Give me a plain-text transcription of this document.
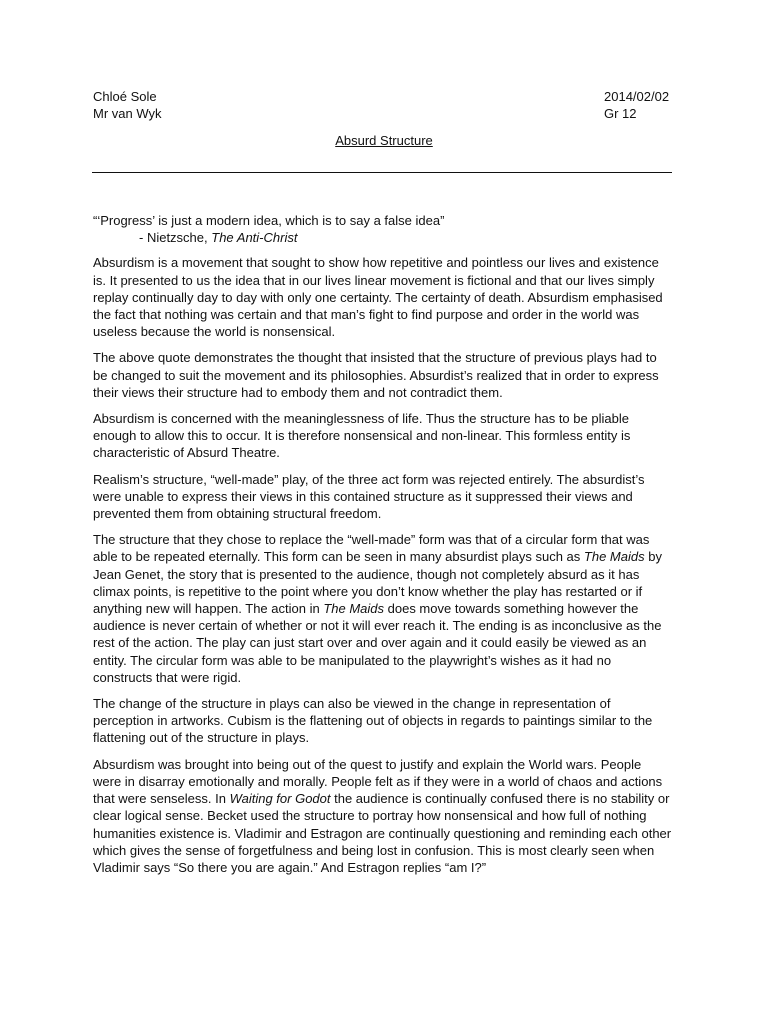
Chloé Sole
Mr van Wyk
2014/02/02
Gr 12
Absurd Structure
“‘Progress’ is just a modern idea, which is to say a false idea”
- Nietzsche, The Anti-Christ

Absurdism is a movement that sought to show how repetitive and pointless our lives and existence is. It presented to us the idea that in our lives linear movement is fictional and that our lives simply replay continually day to day with only one certainty. The certainty of death. Absurdism emphasised the fact that nothing was certain and that man’s fight to find purpose and order in the world was useless because the world is nonsensical.

The above quote demonstrates the thought that insisted that the structure of previous plays had to be changed to suit the movement and its philosophies. Absurdist’s realized that in order to express their views their structure had to embody them and not contradict them.

Absurdism is concerned with the meaninglessness of life. Thus the structure has to be pliable enough to allow this to occur. It is therefore nonsensical and non-linear. This formless entity is characteristic of Absurd Theatre.

Realism’s structure, “well-made” play, of the three act form was rejected entirely. The absurdist’s were unable to express their views in this contained structure as it suppressed their views and prevented them from obtaining structural freedom.

The structure that they chose to replace the “well-made” form was that of a circular form that was able to be repeated eternally. This form can be seen in many absurdist plays such as The Maids by Jean Genet, the story that is presented to the audience, though not completely absurd as it has climax points, is repetitive to the point where you don’t know whether the play has restarted or if anything new will happen. The action in The Maids does move towards something however the audience is never certain of whether or not it will ever reach it. The ending is as inconclusive as the rest of the action. The play can just start over and over again and it could easily be viewed as an entity. The circular form was able to be manipulated to the playwright’s wishes as it had no constructs that were rigid.

The change of the structure in plays can also be viewed in the change in representation of perception in artworks. Cubism is the flattening out of objects in regards to paintings similar to the flattening out of the structure in plays.

Absurdism was brought into being out of the quest to justify and explain the World wars. People were in disarray emotionally and morally. People felt as if they were in a world of chaos and actions that were senseless. In Waiting for Godot the audience is continually confused there is no stability or clear logical sense. Becket used the structure to portray how nonsensical and how full of nothing humanities existence is. Vladimir and Estragon are continually questioning and reminding each other which gives the sense of forgetfulness and being lost in confusion. This is most clearly seen when Vladimir says “So there you are again.” And Estragon replies “am I?”
